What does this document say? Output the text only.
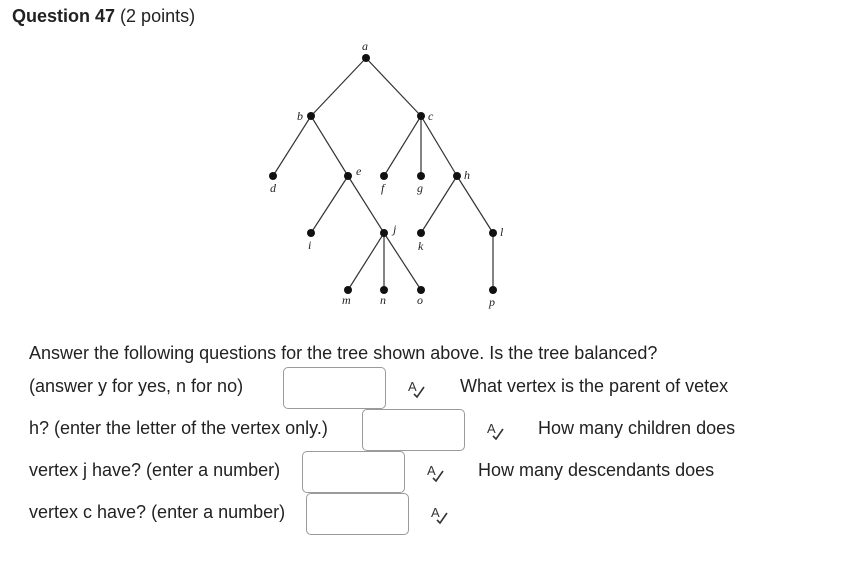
Question 47 (2 points)
a
b	c
d
e
f	g
h
i
j
k
l
m n	o	p
Answer the following questions for the tree shown above. Is the tree balanced?
(answer y for yes, n for no)	A What vertex is the parent of vetex
h? (enter the letter of the vertex only.)	A How many children does
vertex j have? (enter a number)	A How many descendants does
vertex c have? (enter a number)	A
